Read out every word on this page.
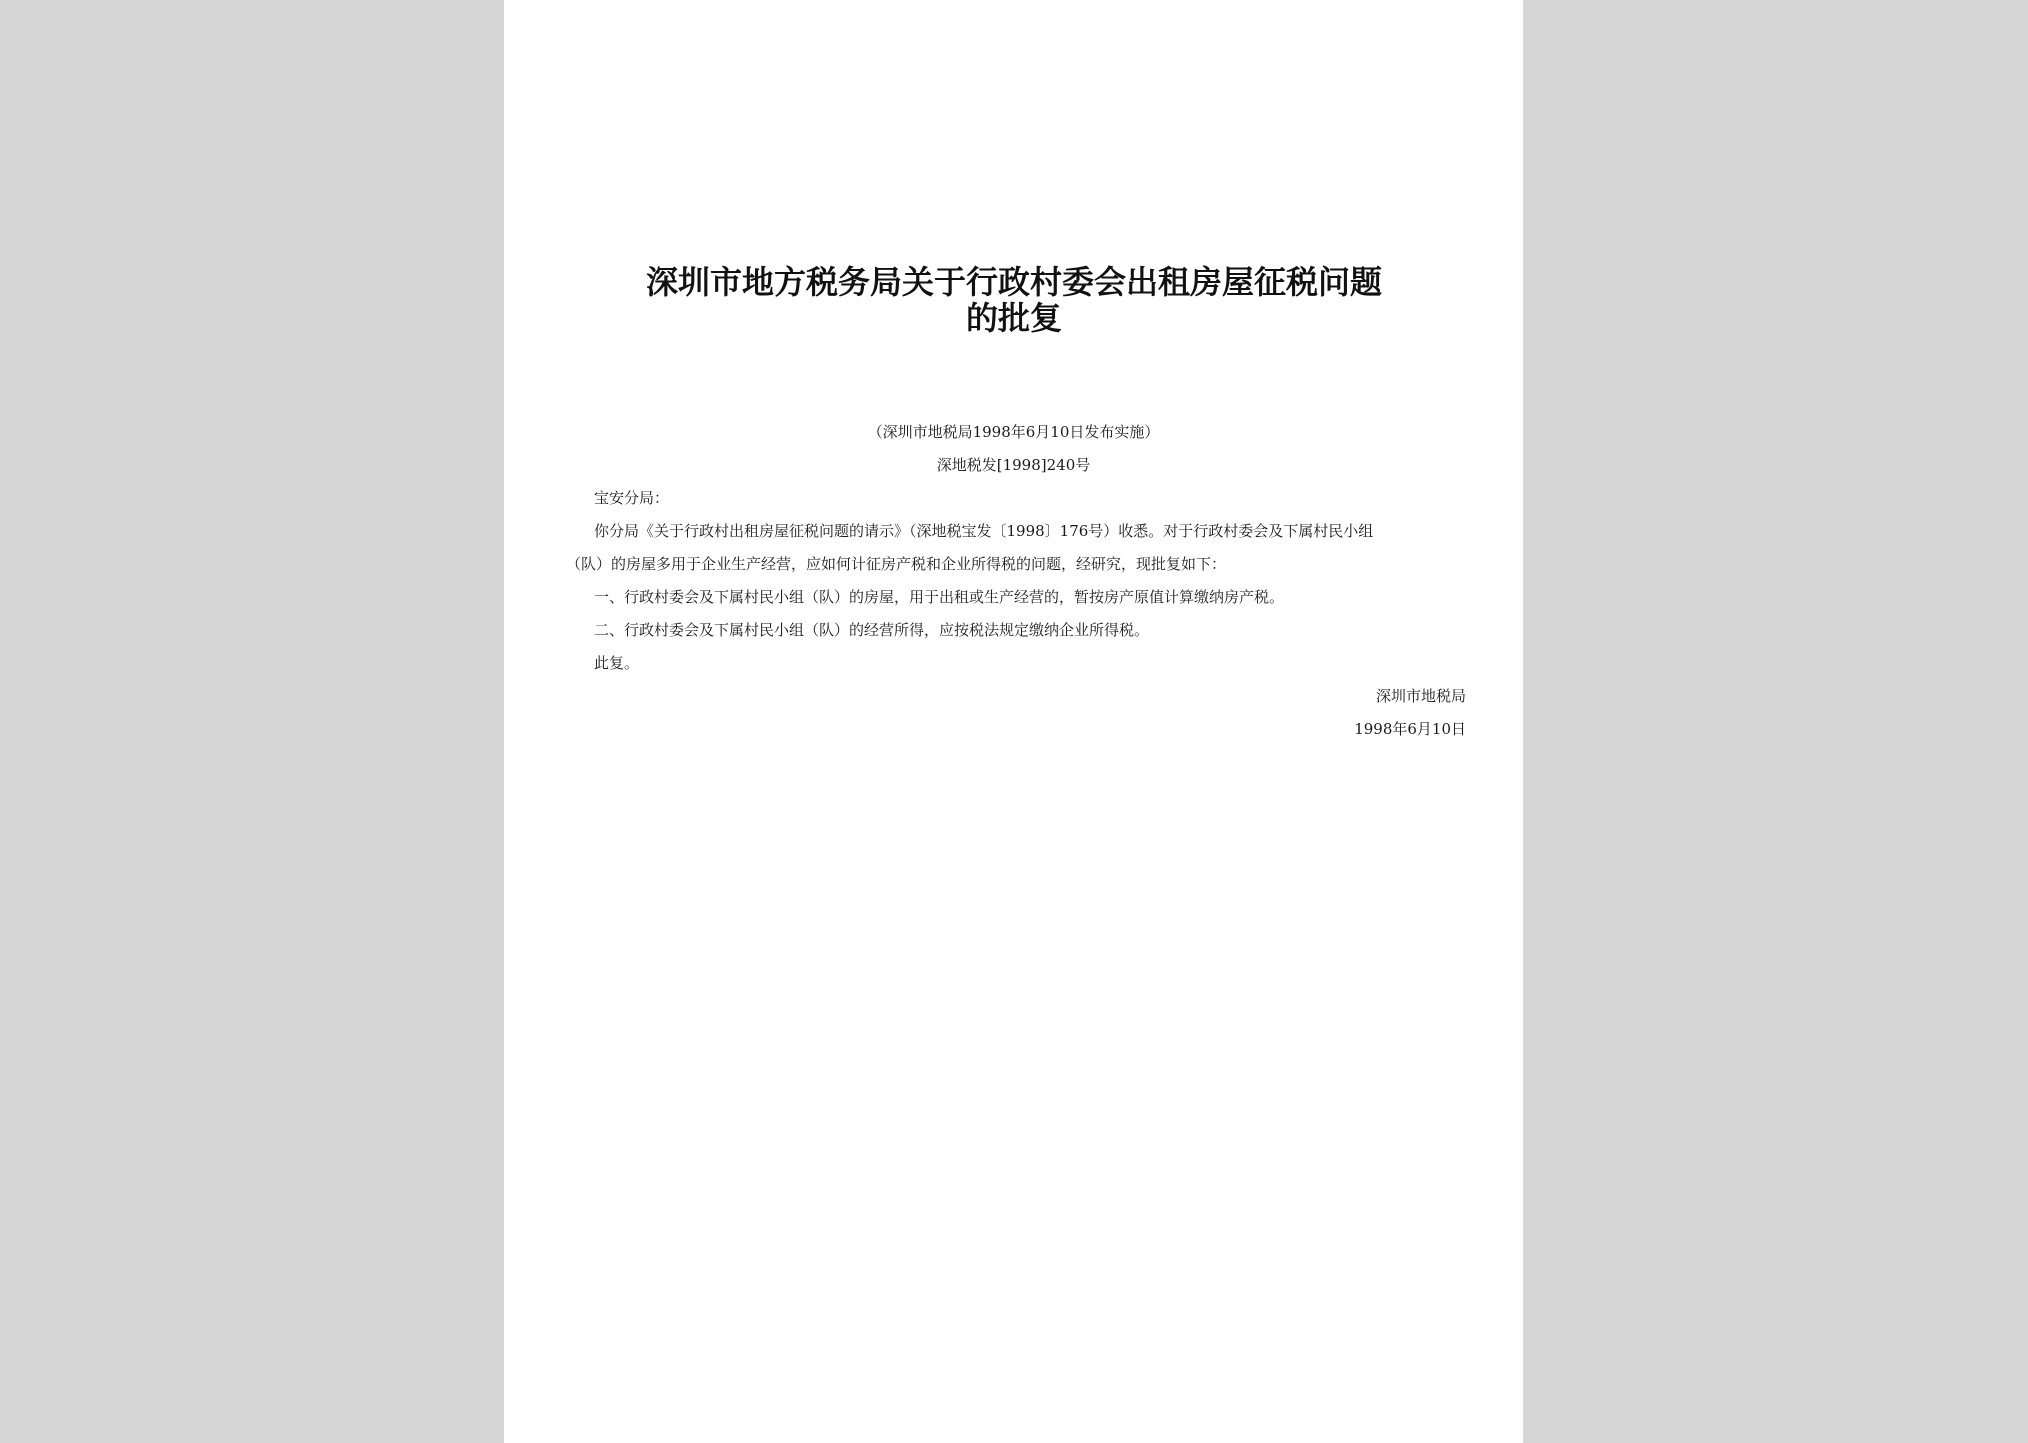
深圳市地方税务局关于行政村委会出租房屋征税问题
的批复
（深圳市地税局1998年6月10日发布实施）
深地税发[1998]240号
宝安分局：
你分局《关于行政村出租房屋征税问题的请示》（深地税宝发〔1998〕176号）收悉。对于行政村委会及下属村民小组
（队）的房屋多用于企业生产经营，应如何计征房产税和企业所得税的问题，经研究，现批复如下：
一、行政村委会及下属村民小组（队）的房屋，用于出租或生产经营的，暂按房产原值计算缴纳房产税。
二、行政村委会及下属村民小组（队）的经营所得，应按税法规定缴纳企业所得税。
此复。
深圳市地税局
1998年6月10日
